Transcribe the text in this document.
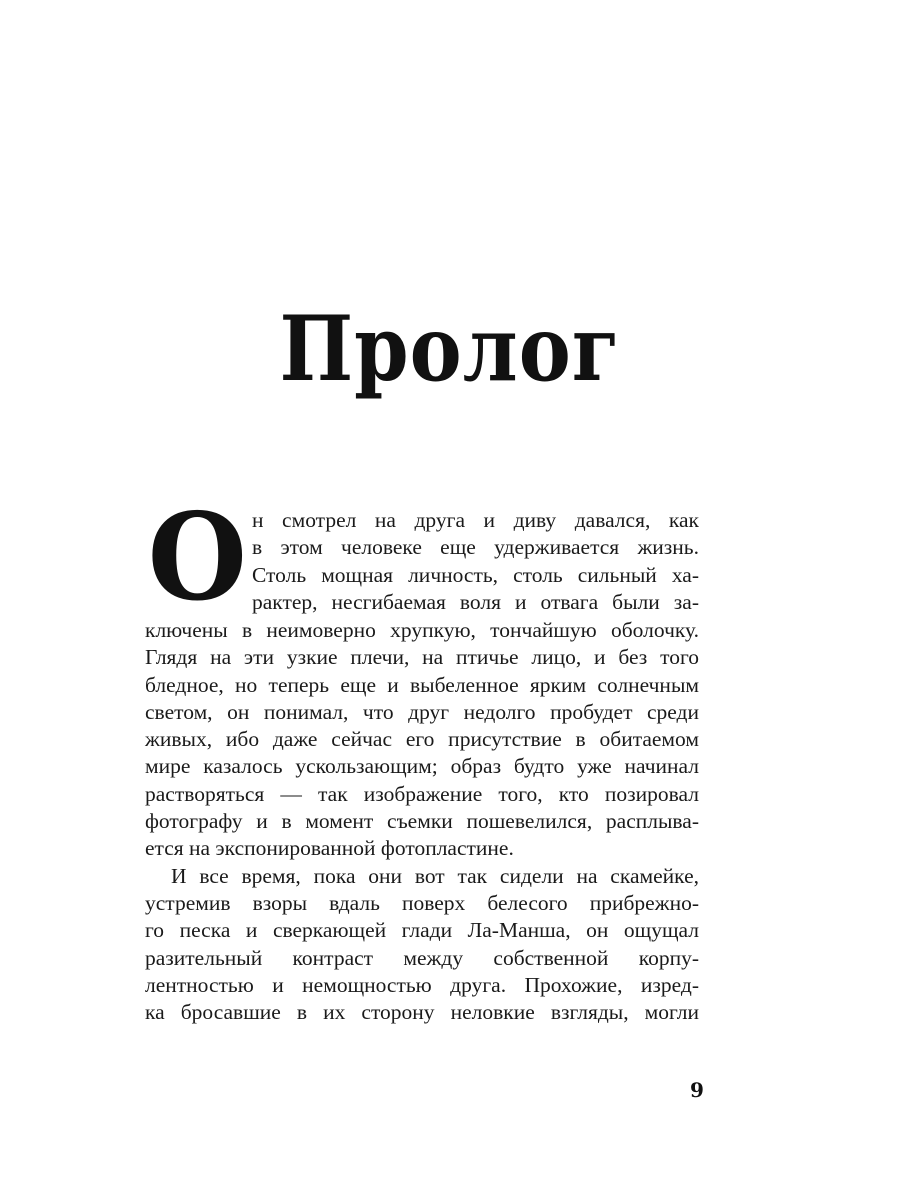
Пролог
О н смотрел на друга и диву давался, как
в этом человеке еще удерживается жизнь.
Столь мощная личность, столь сильный ха-
рактер, несгибаемая воля и отвага были за-
ключены в неимоверно хрупкую, тончайшую оболочку.
Глядя на эти узкие плечи, на птичье лицо, и без того
бледное, но теперь еще и выбеленное ярким солнечным
светом, он понимал, что друг недолго пробудет среди
живых, ибо даже сейчас его присутствие в обитаемом
мире казалось ускользающим; образ будто уже начинал
растворяться — так изображение того, кто позировал
фотографу и в момент съемки пошевелился, расплыва-
ется на экспонированной фотопластине.
И все время, пока они вот так сидели на скамейке,
устремив взоры вдаль поверх белесого прибрежно-
го песка и сверкающей глади Ла-Манша, он ощущал
разительный контраст между собственной корпу-
лентностью и немощностью друга. Прохожие, изред-
ка бросавшие в их сторону неловкие взгляды, могли
9
